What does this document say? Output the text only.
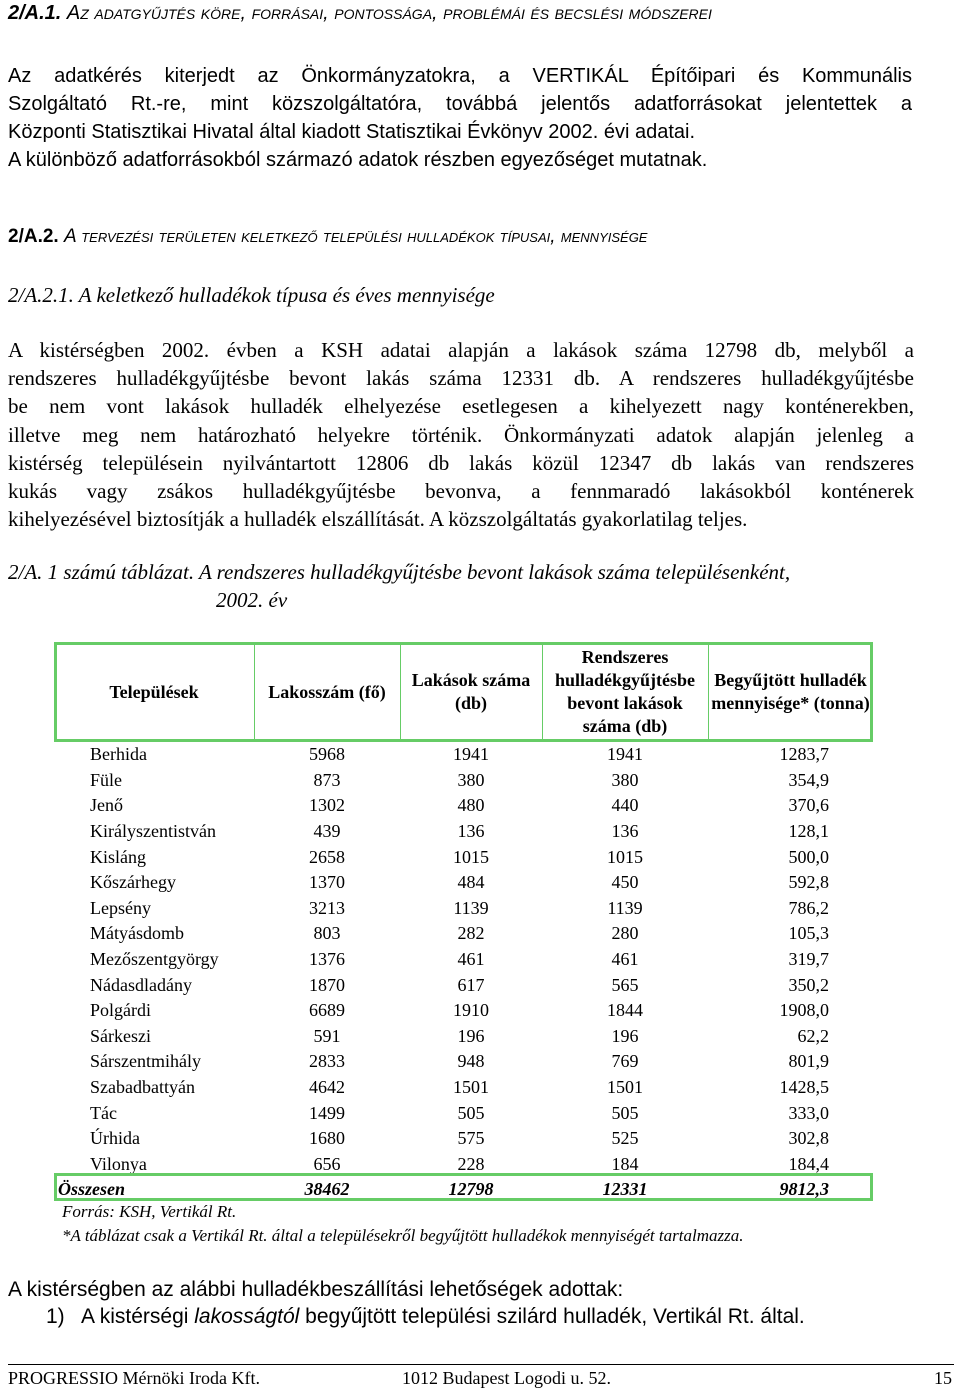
2/A.1. Az adatgyűjtés köre, forrásai, pontossága, problémái és becslési módszerei
Az adatkérés kiterjedt az Önkormányzatokra, a VERTIKÁL Építőipari és Kommunális
Szolgáltató Rt.-re, mint közszolgáltatóra, továbbá jelentős adatforrásokat jelentettek a
Központi Statisztikai Hivatal által kiadott Statisztikai Évkönyv 2002. évi adatai.
A különböző adatforrásokból származó adatok részben egyezőséget mutatnak.
2/A.2. A tervezési területen keletkező települési hulladékok típusai, mennyisége
2/A.2.1. A keletkező hulladékok típusa és éves mennyisége
A kistérségben 2002. évben a KSH adatai alapján a lakások száma 12798 db, melyből a
rendszeres hulladékgyűjtésbe bevont lakás száma 12331 db. A rendszeres hulladékgyűjtésbe
be nem vont lakások hulladék elhelyezése esetlegesen a kihelyezett nagy konténerekben,
illetve meg nem határozható helyekre történik. Önkormányzati adatok alapján jelenleg a
kistérség településein nyilvántartott 12806 db lakás közül 12347 db lakás van rendszeres
kukás vagy zsákos hulladékgyűjtésbe bevonva, a fennmaradó lakásokból konténerek
kihelyezésével biztosítják a hulladék elszállítását. A közszolgáltatás gyakorlatilag teljes.
2/A. 1 számú táblázat. A rendszeres hulladékgyűjtésbe bevont lakások száma településenként,
2002. év
Települések	Lakosszám (fő)	Lakások száma (db)	Rendszeres hulladékgyűjtésbe bevont lakások száma (db)	Begyűjtött hulladék mennyisége* (tonna)
Berhida	5968	1941	1941	1283,7
Füle	873	380	380	354,9
Jenő	1302	480	440	370,6
Királyszentistván	439	136	136	128,1
Kisláng	2658	1015	1015	500,0
Kőszárhegy	1370	484	450	592,8
Lepsény	3213	1139	1139	786,2
Mátyásdomb	803	282	280	105,3
Mezőszentgyörgy	1376	461	461	319,7
Nádasdladány	1870	617	565	350,2
Polgárdi	6689	1910	1844	1908,0
Sárkeszi	591	196	196	62,2
Sárszentmihály	2833	948	769	801,9
Szabadbattyán	4642	1501	1501	1428,5
Tác	1499	505	505	333,0
Úrhida	1680	575	525	302,8
Vilonya	656	228	184	184,4
Összesen	38462	12798	12331	9812,3
Forrás: KSH, Vertikál Rt.
*A táblázat csak a Vertikál Rt. által a településekről begyűjtött hulladékok mennyiségét tartalmazza.
A kistérségben az alábbi hulladékbeszállítási lehetőségek adottak:
1) A kistérségi lakosságtól begyűjtött települési szilárd hulladék, Vertikál Rt. által.
PROGRESSIO Mérnöki Iroda Kft.	1012 Budapest Logodi u. 52.	15
